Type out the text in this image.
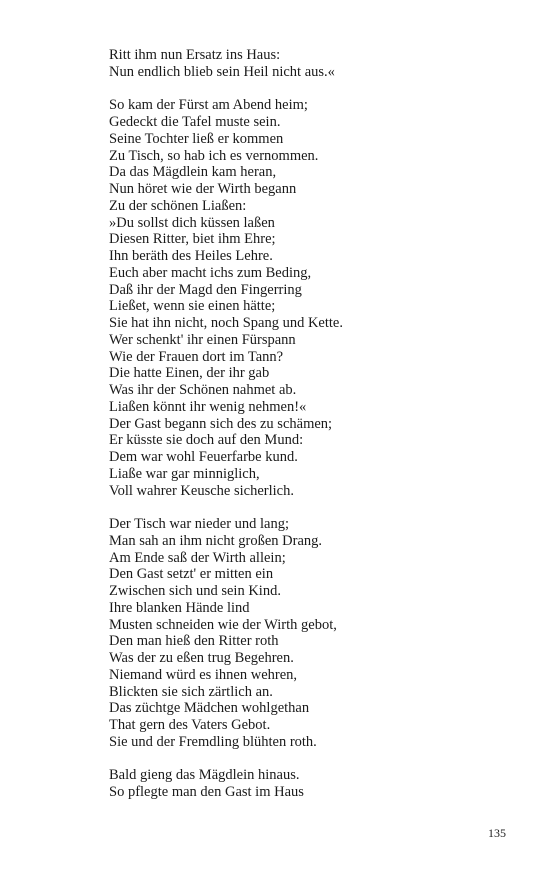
Ritt ihm nun Ersatz ins Haus:
Nun endlich blieb sein Heil nicht aus.«
So kam der Fürst am Abend heim;
Gedeckt die Tafel muste sein.
Seine Tochter ließ er kommen
Zu Tisch, so hab ich es vernommen.
Da das Mägdlein kam heran,
Nun höret wie der Wirth begann
Zu der schönen Liaßen:
»Du sollst dich küssen laßen
Diesen Ritter, biet ihm Ehre;
Ihn beräth des Heiles Lehre.
Euch aber macht ichs zum Beding,
Daß ihr der Magd den Fingerring
Ließet, wenn sie einen hätte;
Sie hat ihn nicht, noch Spang und Kette.
Wer schenkt' ihr einen Fürspann
Wie der Frauen dort im Tann?
Die hatte Einen, der ihr gab
Was ihr der Schönen nahmet ab.
Liaßen könnt ihr wenig nehmen!«
Der Gast begann sich des zu schämen;
Er küsste sie doch auf den Mund:
Dem war wohl Feuerfarbe kund.
Liaße war gar minniglich,
Voll wahrer Keusche sicherlich.
Der Tisch war nieder und lang;
Man sah an ihm nicht großen Drang.
Am Ende saß der Wirth allein;
Den Gast setzt' er mitten ein
Zwischen sich und sein Kind.
Ihre blanken Hände lind
Musten schneiden wie der Wirth gebot,
Den man hieß den Ritter roth
Was der zu eßen trug Begehren.
Niemand würd es ihnen wehren,
Blickten sie sich zärtlich an.
Das züchtge Mädchen wohlgethan
That gern des Vaters Gebot.
Sie und der Fremdling blühten roth.
Bald gieng das Mägdlein hinaus.
So pflegte man den Gast im Haus
135
